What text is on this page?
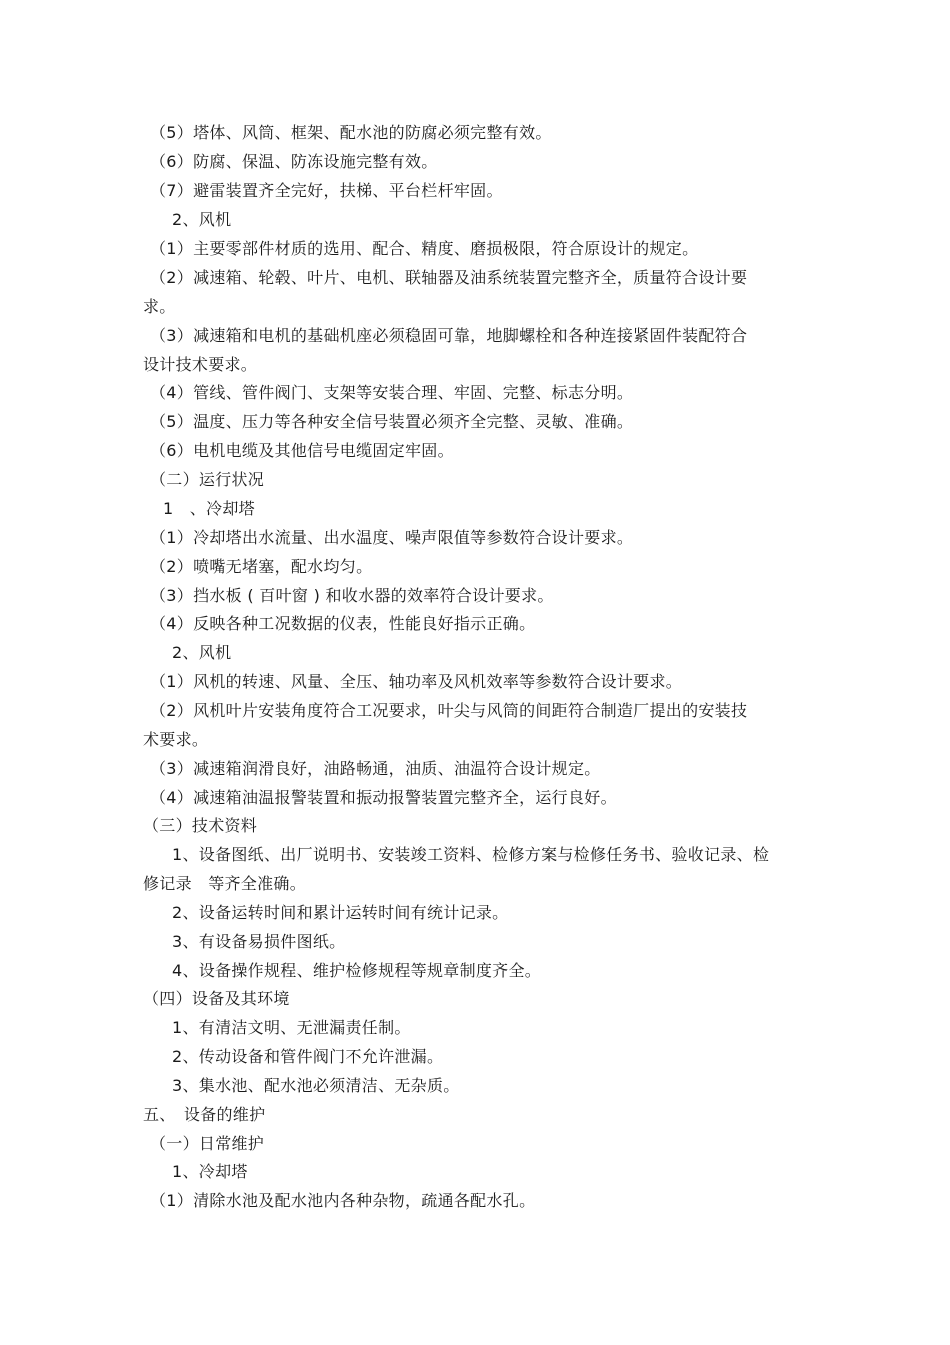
（5）塔体、风筒、框架、配水池的防腐必须完整有效。
（6）防腐、保温、防冻设施完整有效。
（7）避雷装置齐全完好，扶梯、平台栏杆牢固。
2、风机
（1）主要零部件材质的选用、配合、精度、磨损极限，符合原设计的规定。
（2）减速箱、轮毂、叶片、电机、联轴器及油系统装置完整齐全，质量符合设计要
求。
（3）减速箱和电机的基础机座必须稳固可靠，地脚螺栓和各种连接紧固件装配符合
设计技术要求。
（4）管线、管件阀门、支架等安装合理、牢固、完整、标志分明。
（5）温度、压力等各种安全信号装置必须齐全完整、灵敏、准确。
（6）电机电缆及其他信号电缆固定牢固。
（二）运行状况
1　、冷却塔
（1）冷却塔出水流量、出水温度、噪声限值等参数符合设计要求。
（2）喷嘴无堵塞，配水均匀。
（3）挡水板 ( 百叶窗 ) 和收水器的效率符合设计要求。
（4）反映各种工况数据的仪表，性能良好指示正确。
2、风机
（1）风机的转速、风量、全压、轴功率及风机效率等参数符合设计要求。
（2）风机叶片安装角度符合工况要求，叶尖与风筒的间距符合制造厂提出的安装技
术要求。
（3）减速箱润滑良好，油路畅通，油质、油温符合设计规定。
（4）减速箱油温报警装置和振动报警装置完整齐全，运行良好。
（三）技术资料
1、设备图纸、出厂说明书、安装竣工资料、检修方案与检修任务书、验收记录、检
修记录　等齐全准确。
2、设备运转时间和累计运转时间有统计记录。
3、有设备易损件图纸。
4、设备操作规程、维护检修规程等规章制度齐全。
（四）设备及其环境
1、有清洁文明、无泄漏责任制。
2、传动设备和管件阀门不允许泄漏。
3、集水池、配水池必须清洁、无杂质。
五、　设备的维护
（一）日常维护
1、冷却塔
（1）清除水池及配水池内各种杂物，疏通各配水孔。
